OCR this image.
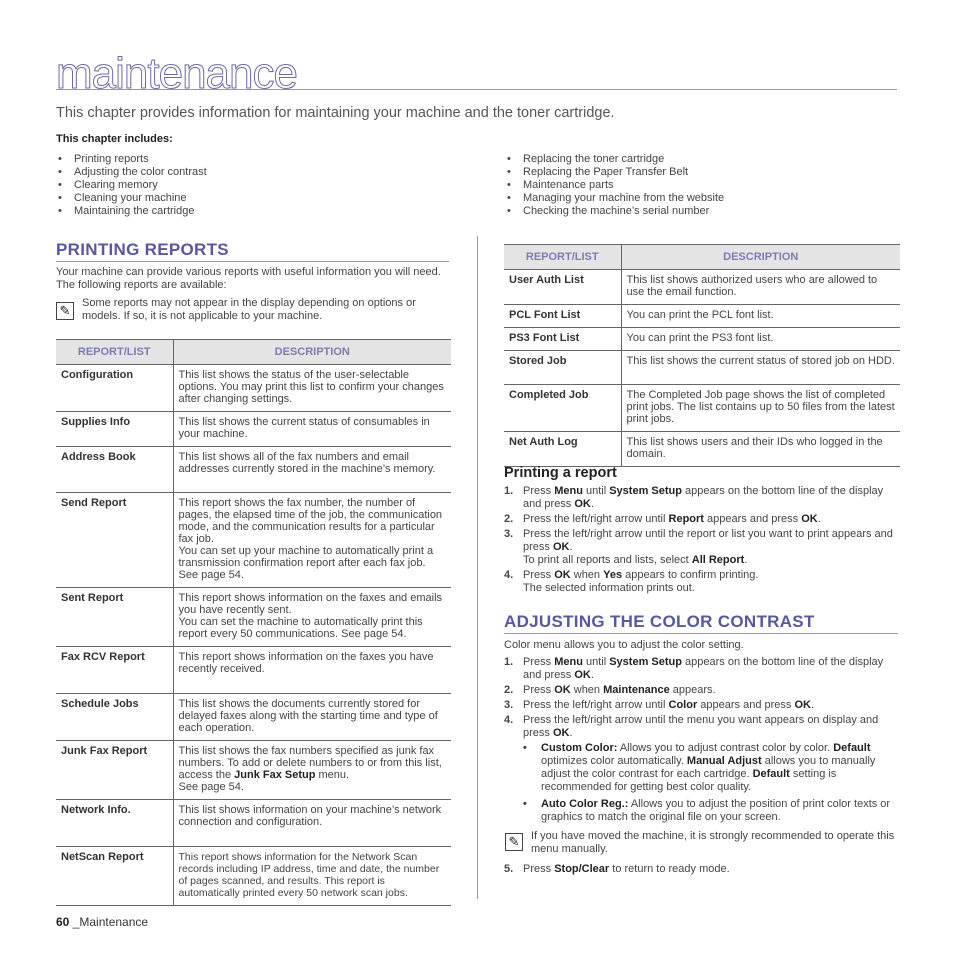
maintenance
This chapter provides information for maintaining your machine and the toner cartridge.
This chapter includes:
• Printing reports
• Adjusting the color contrast
• Clearing memory
• Cleaning your machine
• Maintaining the cartridge
• Replacing the toner cartridge
• Replacing the Paper Transfer Belt
• Maintenance parts
• Managing your machine from the website
• Checking the machine’s serial number
PRINTING REPORTS
Your machine can provide various reports with useful information you will need. The following reports are available:
✎	Some reports may not appear in the display depending on options or models. If so, it is not applicable to your machine.
REPORT/LIST	DESCRIPTION
Configuration	This list shows the status of the user-selectable options. You may print this list to confirm your changes after changing settings.
Supplies Info	This list shows the current status of consumables in your machine.
Address Book	This list shows all of the fax numbers and email addresses currently stored in the machine’s memory.
Send Report	This report shows the fax number, the number of pages, the elapsed time of the job, the communication mode, and the communication results for a particular fax job.
You can set up your machine to automatically print a transmission confirmation report after each fax job. See page 54.

Sent Report	This report shows information on the faxes and emails you have recently sent.
You can set the machine to automatically print this report every 50 communications. See page 54.

Fax RCV Report	This report shows information on the faxes you have recently received.
Schedule Jobs	This list shows the documents currently stored for delayed faxes along with the starting time and type of each operation.
Junk Fax Report	This list shows the fax numbers specified as junk fax numbers. To add or delete numbers to or from this list, access the Junk Fax Setup menu.
See page 54.

Network Info.	This list shows information on your machine’s network connection and configuration.
NetScan Report	This report shows information for the Network Scan records including IP address, time and date, the number of pages scanned, and results. This report is automatically printed every 50 network scan jobs.
REPORT/LIST	DESCRIPTION
User Auth List	This list shows authorized users who are allowed to use the email function.
PCL Font List	You can print the PCL font list.
PS3 Font List	You can print the PS3 font list.
Stored Job	This list shows the current status of stored job on HDD.
Completed Job	The Completed Job page shows the list of completed print jobs. The list contains up to 50 files from the latest print jobs.
Net Auth Log	This list shows users and their IDs who logged in the domain.
Printing a report
1. Press Menu until System Setup appears on the bottom line of the display and press OK.
2. Press the left/right arrow until Report appears and press OK.
3. Press the left/right arrow until the report or list you want to print appears and press OK.
To print all reports and lists, select All Report.
4. Press OK when Yes appears to confirm printing.
The selected information prints out.
ADJUSTING THE COLOR CONTRAST
Color menu allows you to adjust the color setting.
1. Press Menu until System Setup appears on the bottom line of the display and press OK.
2. Press OK when Maintenance appears.
3. Press the left/right arrow until Color appears and press OK.
4. Press the left/right arrow until the menu you want appears on display and press OK.
• Custom Color: Allows you to adjust contrast color by color. Default optimizes color automatically. Manual Adjust allows you to manually adjust the color contrast for each cartridge. Default setting is recommended for getting best color quality.
• Auto Color Reg.: Allows you to adjust the position of print color texts or graphics to match the original file on your screen.
✎	If you have moved the machine, it is strongly recommended to operate this menu manually.
5. Press Stop/Clear to return to ready mode.
60 _Maintenance
